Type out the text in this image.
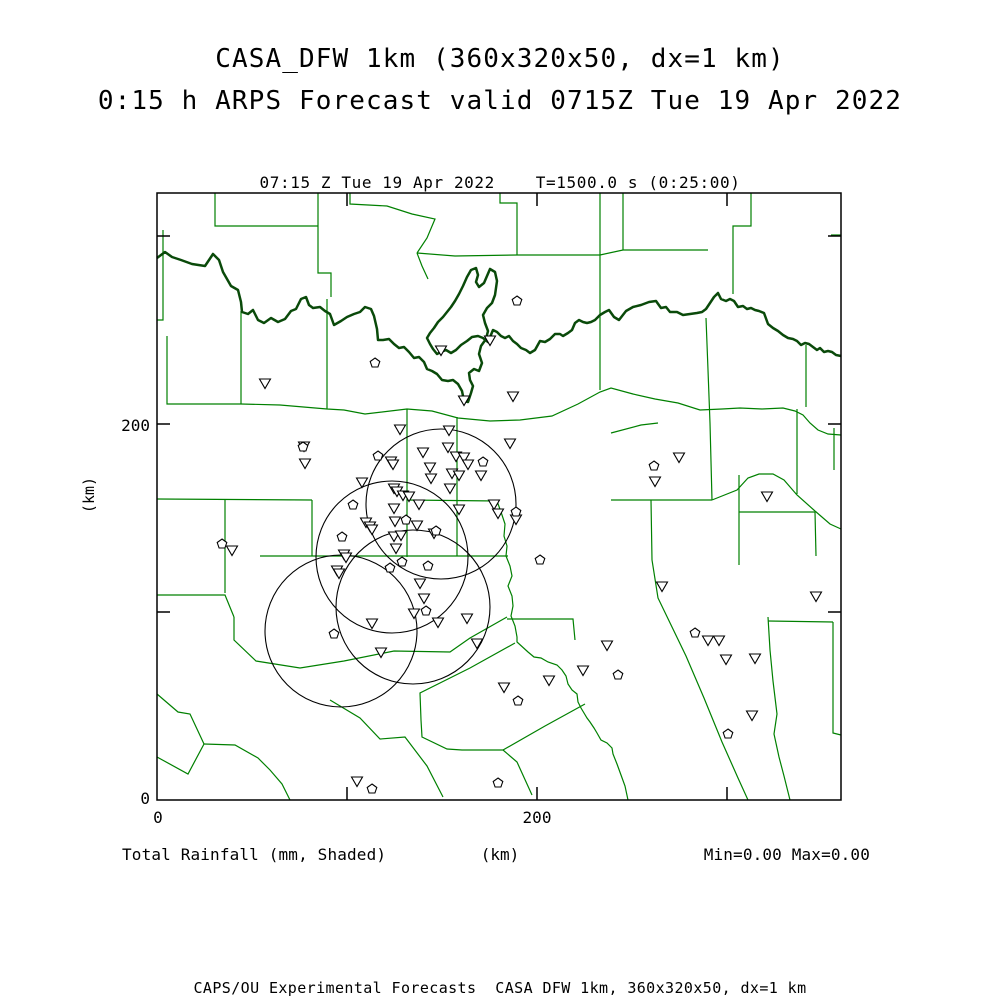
CASA_DFW 1km (360x320x50, dx=1 km)
0:15 h ARPS Forecast valid 0715Z Tue 19 Apr 2022
07:15 Z Tue 19 Apr 2022    T=1500.0 s (0:25:00)
200
0
(km)
0	200
Total Rainfall (mm, Shaded)	(km)	Min=0.00 Max=0.00
CAPS/OU Experimental Forecasts  CASA DFW 1km, 360x320x50, dx=1 km
